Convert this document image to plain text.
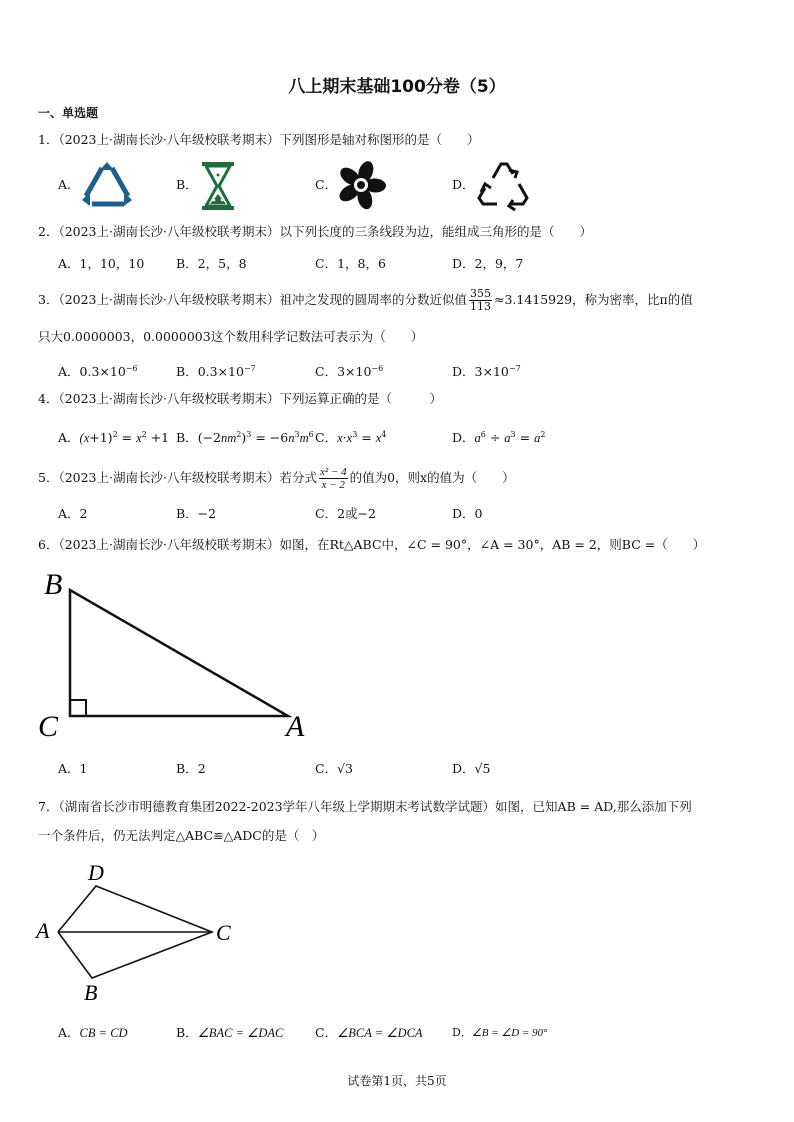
八上期末基础100分卷（5）
一、单选题
1．（2023上·湖南长沙·八年级校联考期末）下列图形是轴对称图形的是（　　）
A．	B．	C．	D．
2．（2023上·湖南长沙·八年级校联考期末）以下列长度的三条线段为边，能组成三角形的是（　　）
A．1，10，10	B．2，5，8	C．1，8，6	D．2，9，7
3．（2023上·湖南长沙·八年级校联考期末）祖冲之发现的圆周率的分数近似值 $\frac{355}{113} \approx 3.1415929$，称为密率，比π的值
只大0.0000003，0.0000003这个数用科学记数法可表示为（　　）
A．$0.3\times 10^{-6}$	B．$0.3\times 10^{-7}$	C．$3\times 10^{-6}$	D．$3\times 10^{-7}$
4．（2023上·湖南长沙·八年级校联考期末）下列运算正确的是（　　　）
A．$(x+1)^2 = x^2 +1$ B．$(-2nm^2)^3 = -6n^3m^6$ C．$x\cdot x^3 = x^4$	D．$a^6 \div a^3 = a^2$
5．（2023上·湖南长沙·八年级校联考期末）若分式 $\frac{\text{x² − 4}}{x - 2}$ 的值为0，则x的值为（　　）
A．2	B．−2	C．2或−2	D．0
6．（2023上·湖南长沙·八年级校联考期末）如图，在Rt△ABC中，∠C = 90°，∠A = 30°，AB = 2，则BC =（　　）
B
C	A
A．1	B．2	C．√3	D．√5
7．（湖南省长沙市明德教育集团2022-2023学年八年级上学期期末考试数学试题）如图，已知AB = AD,那么添加下列
一个条件后，仍无法判定△ABC≌△ADC的是（　）
D
A	C
B
A．CB = CD	B．∠BAC = ∠DAC	C．∠BCA = ∠DCA	D．∠B = ∠D = 90°
试卷第1页，共5页
